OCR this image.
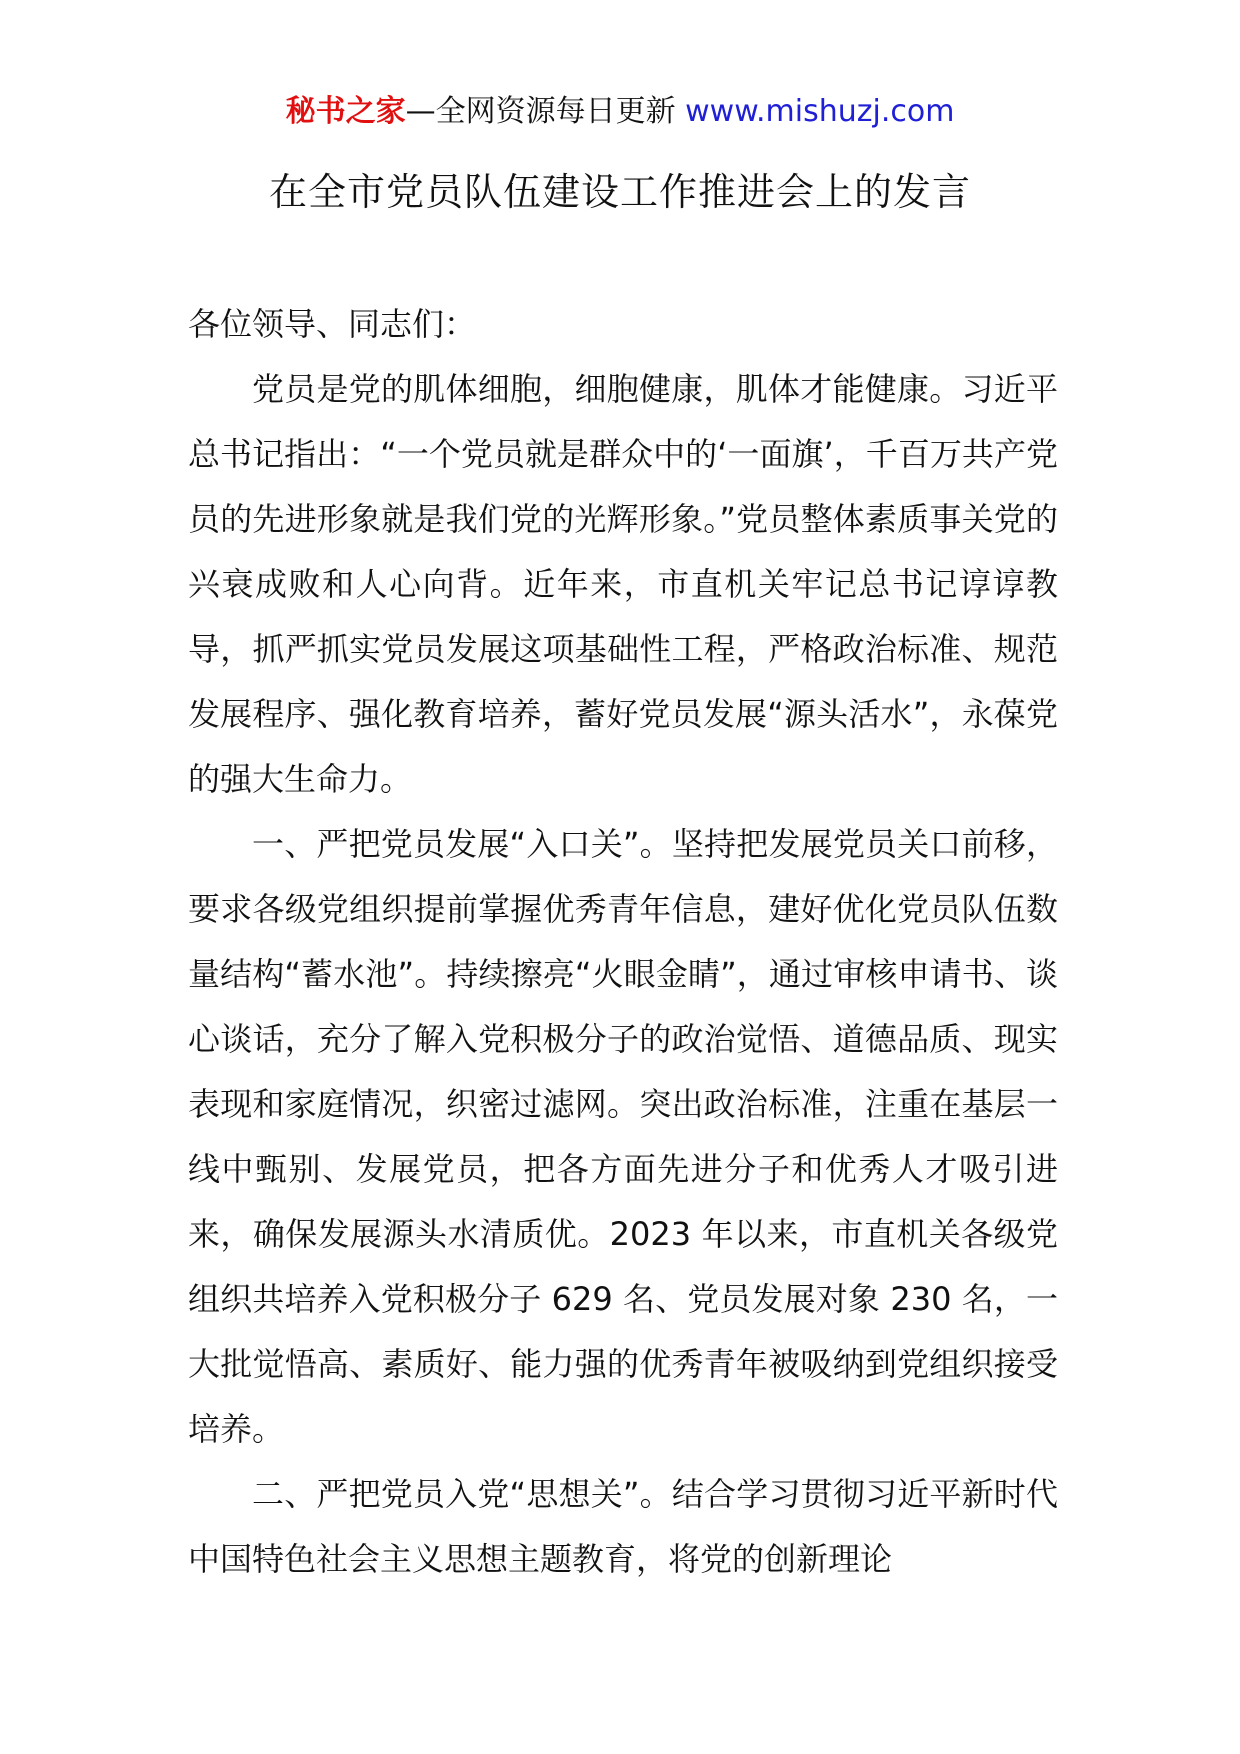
秘书之家—全网资源每日更新 www.mishuzj.com
在全市党员队伍建设工作推进会上的发言

各位领导、同志们：

党员是党的肌体细胞，细胞健康，肌体才能健康。习近平总书记指出：“一个党员就是群众中的‘一面旗’，千百万共产党员的先进形象就是我们党的光辉形象。”党员整体素质事关党的兴衰成败和人心向背。近年来，市直机关牢记总书记谆谆教导，抓严抓实党员发展这项基础性工程，严格政治标准、规范发展程序、强化教育培养，蓄好党员发展“源头活水”，永葆党的强大生命力。

一、严把党员发展“入口关”。坚持把发展党员关口前移，要求各级党组织提前掌握优秀青年信息，建好优化党员队伍数量结构“蓄水池”。持续擦亮“火眼金睛”，通过审核申请书、谈心谈话，充分了解入党积极分子的政治觉悟、道德品质、现实表现和家庭情况，织密过滤网。突出政治标准，注重在基层一线中甄别、发展党员，把各方面先进分子和优秀人才吸引进来，确保发展源头水清质优。2023 年以来，市直机关各级党组织共培养入党积极分子 629 名、党员发展对象 230 名，一大批觉悟高、素质好、能力强的优秀青年被吸纳到党组织接受培养。

二、严把党员入党“思想关”。结合学习贯彻习近平新时代中国特色社会主义思想主题教育，将党的创新理论
